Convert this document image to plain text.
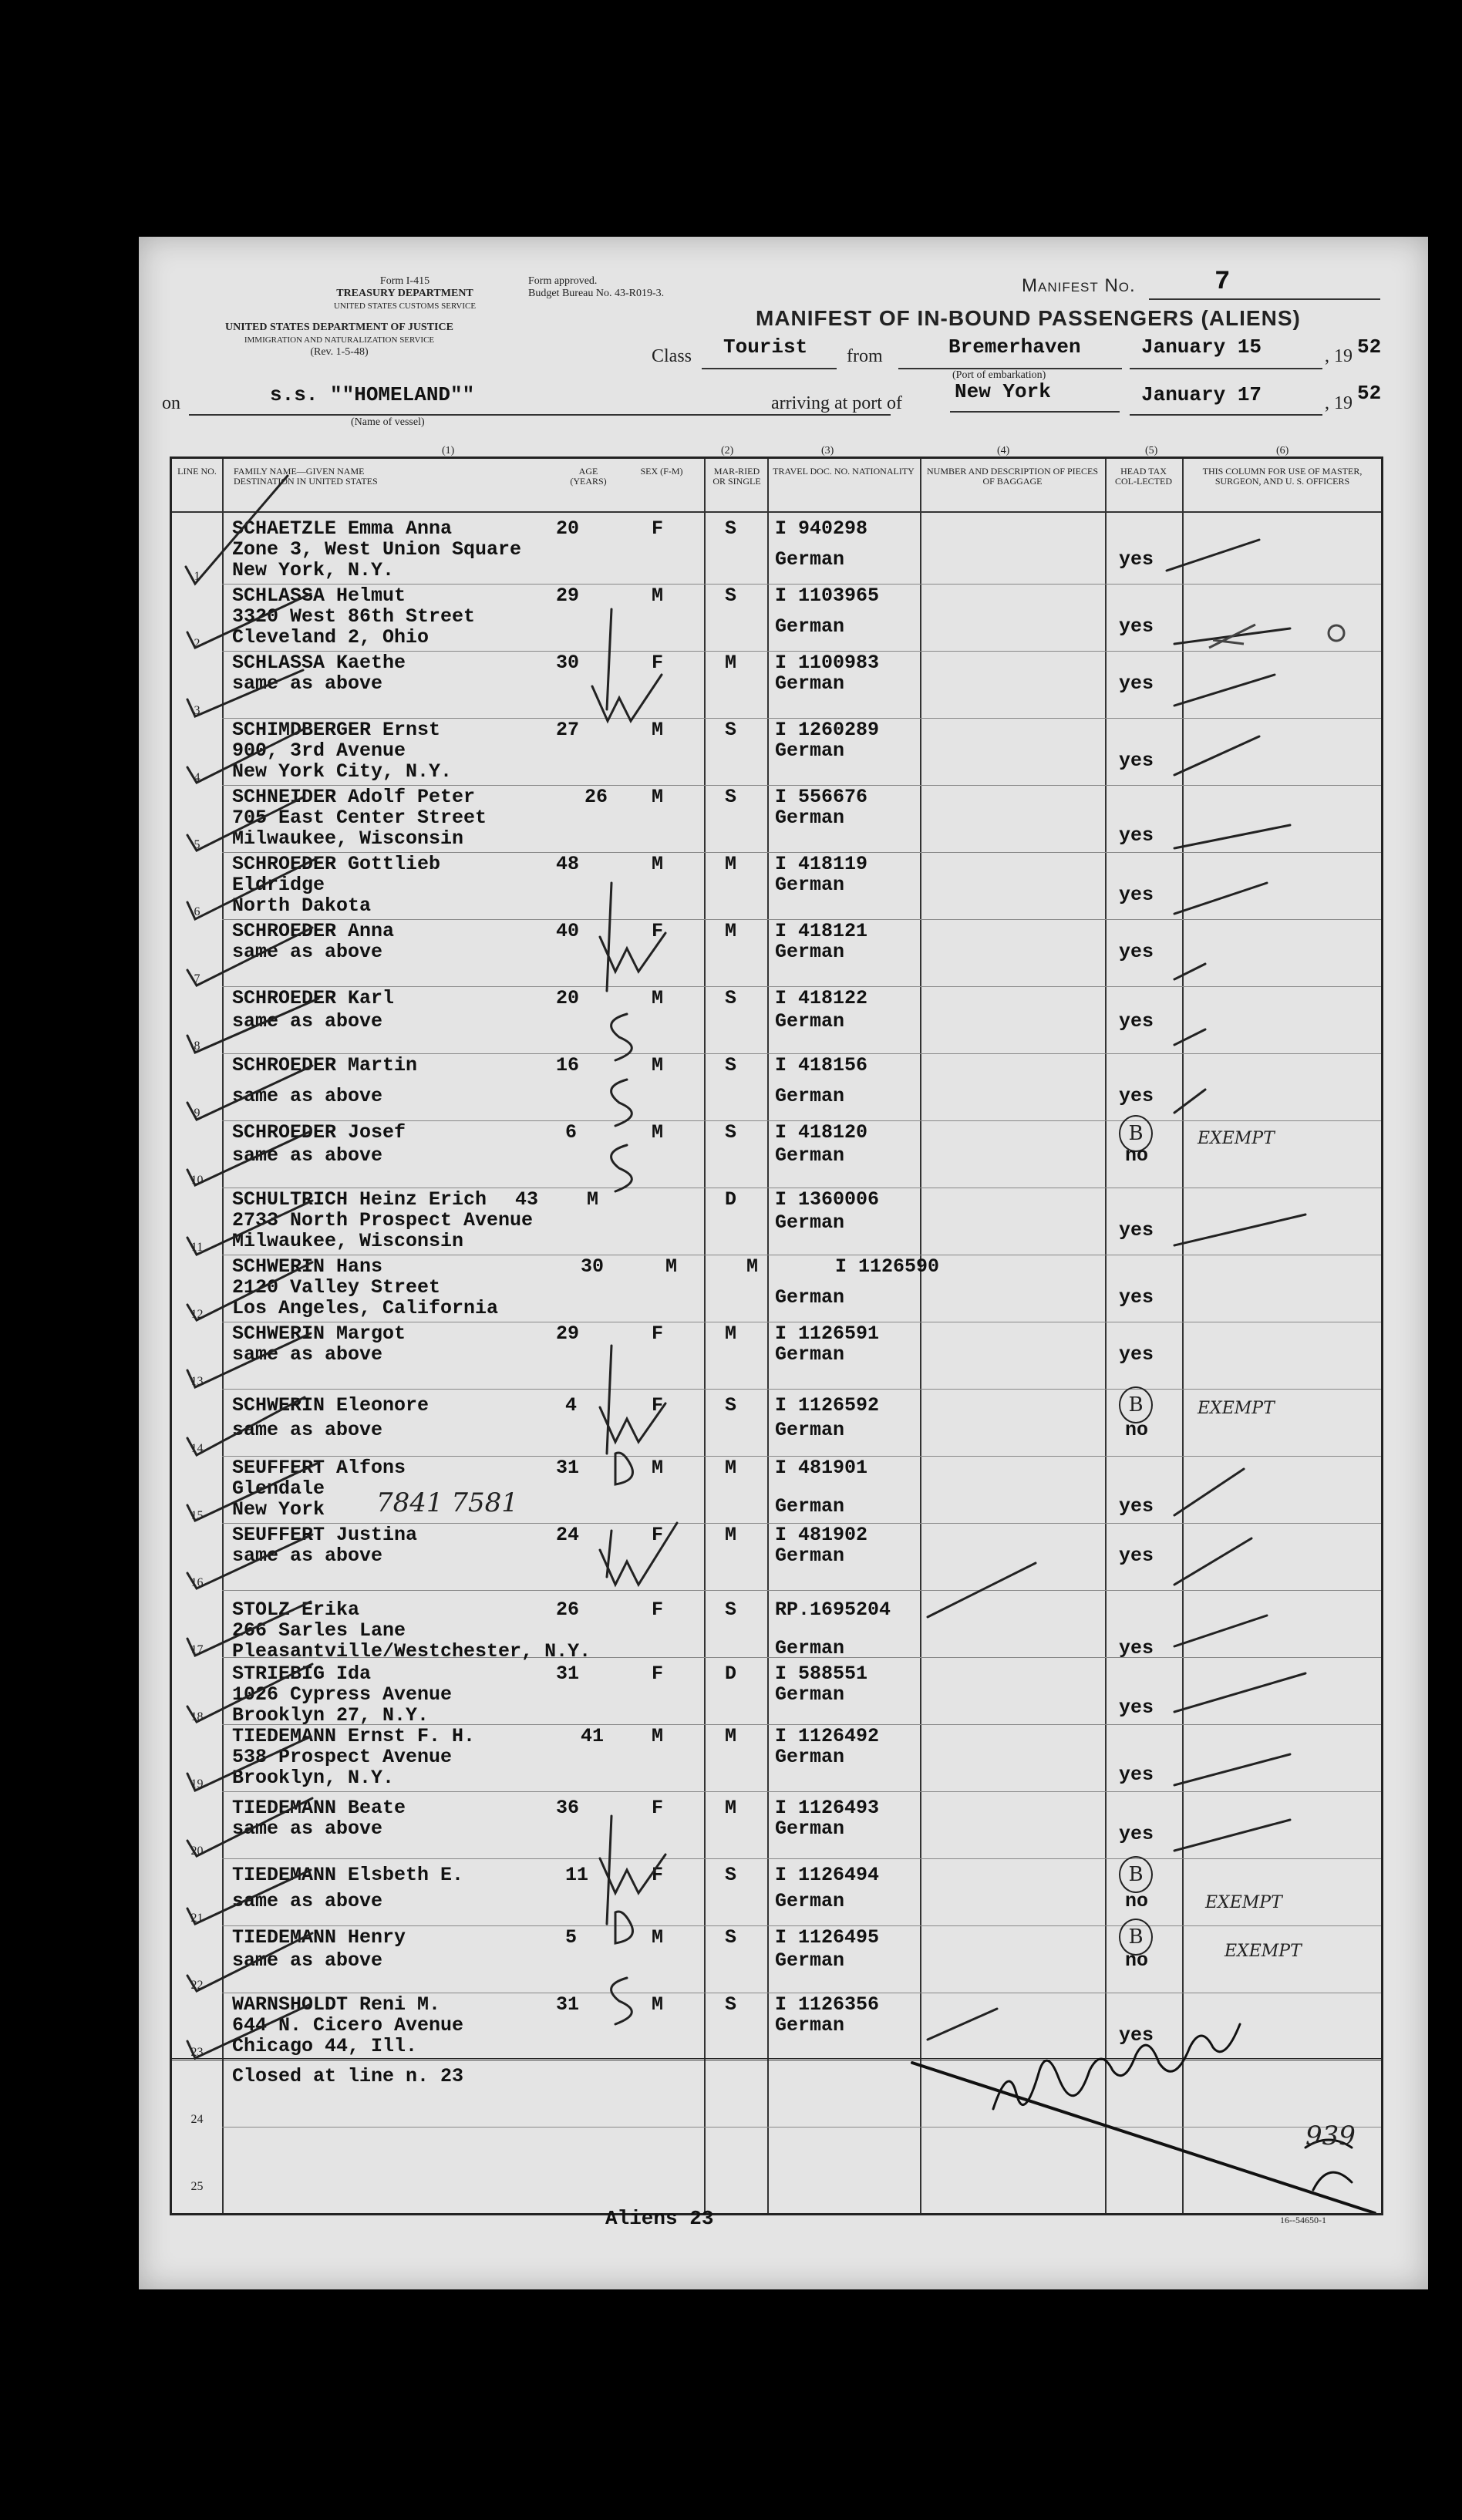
Form I-415
TREASURY DEPARTMENT
UNITED STATES CUSTOMS SERVICE
UNITED STATES DEPARTMENT OF JUSTICE
IMMIGRATION AND NATURALIZATION SERVICE
(Rev. 1-5-48)
Form approved.
Budget Bureau No. 43-R019-3.	Manifest No.	7
MANIFEST OF IN-BOUND PASSENGERS (ALIENS)
Class Tourist from	Bremerhaven
(Port of embarkation)
January 15	, 19 52
on	s.s. ""HOMELAND""
(Name of vessel)
arriving at port of	New York	January 17	, 19 52
(1)	(2)	(3)	(4)	(5)	(6)
LINE NO. FAMILY NAME—GIVEN NAME DESTINATION IN UNITED STATES
AGE (YEARS)
SEX (F-M)	MAR-RIED OR SINGLE
TRAVEL DOC. NO. NATIONALITY	NUMBER AND DESCRIPTION OF PIECES OF BAGGAGE
HEAD TAX COL-LECTED
THIS COLUMN FOR USE OF MASTER, SURGEON, AND U. S. OFFICERS
1
SCHAETZLE Emma Anna
Zone 3, West Union Square
New York, N.Y.
20	F	S I 940298
German	yes
2
SCHLASSA Helmut
3320 West 86th Street
Cleveland 2, Ohio
29	M	S I 1103965
German	yes
3
SCHLASSA Kaethe
same as above
30	F	M I 1100983
German	yes
4
SCHIMDBERGER Ernst
900, 3rd Avenue
New York City, N.Y.
27	M	S I 1260289
German	yes
5
SCHNEIDER Adolf Peter
705 East Center Street
Milwaukee, Wisconsin
26 M	S I 556676
German
yes
6
SCHROEDER Gottlieb
Eldridge
North Dakota
48	M	M I 418119
German	yes
7
SCHROEDER Anna
same as above
40	F	M I 418121
German	yes
8
SCHROEDER Karl
same as above
20	M	S I 418122
German	yes
9
SCHROEDER Martin
same as above
16	M	S I 418156
German	yes
10
SCHROEDER Josef
same as above
6	M	S I 418120
German
B
no
EXEMPT
11
SCHULTRICH Heinz Erich
2733 North Prospect Avenue
Milwaukee, Wisconsin
43	M	D I 1360006
German	yes
12
SCHWERIN Hans
2120 Valley Street
Los Angeles, California
30	M	M	I 1126590
German	yes
13
SCHWERIN Margot
same as above
29	F	M I 1126591
German	yes
14
SCHWERIN Eleonore
same as above
4	F	S I 1126592
German
B
no
EXEMPT
15
SEUFFERT Alfons
Glendale
New York 7841 7581
31	M	M I 481901
German	yes
16
SEUFFERT Justina
same as above
24	F	M I 481902
German	yes
17
STOLZ Erika
266 Sarles Lane
Pleasantville/Westchester, N.Y.
26	F	S RP.1695204
German	yes
18
STRIEBIG Ida
1026 Cypress Avenue
Brooklyn 27, N.Y.
31	F	D I 588551
German
yes
19
TIEDEMANN Ernst F. H.
538 Prospect Avenue
Brooklyn, N.Y.
41 M	M I 1126492
German
yes
20
TIEDEMANN Beate
same as above
36	F	M I 1126493
German	yes
21
TIEDEMANN Elsbeth E.
same as above
11	F	S I 1126494
German
B
no	EXEMPT
22
TIEDEMANN Henry
same as above
5	M	S I 1126495
German
B
no	EXEMPT
23
WARNSHOLDT Reni M.
644 N. Cicero Avenue
Chicago 44, Ill.
31	M	S I 1126356
German	yes
24
Closed at line n. 23
25
939
Aliens 23	16--54650-1
